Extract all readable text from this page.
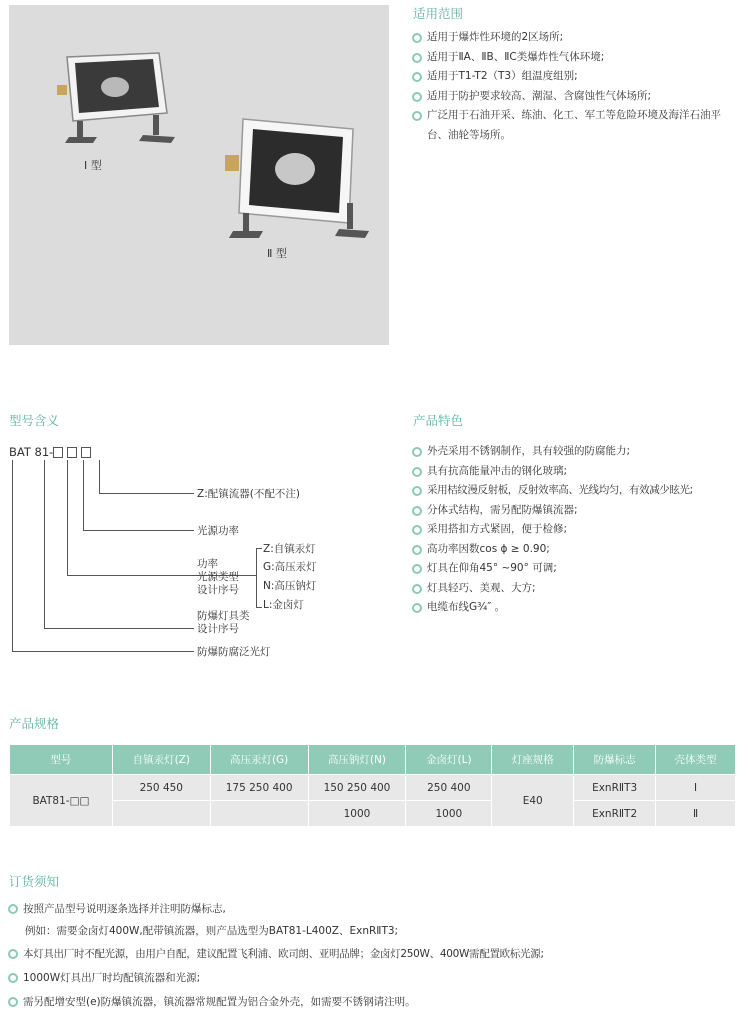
Ⅰ 型
Ⅱ 型
适用范围
适用于爆炸性环境的2区场所;
适用于ⅡA、ⅡB、ⅡC类爆炸性气体环境;
适用于T1-T2（T3）组温度组别;
适用于防护要求较高、潮湿、含腐蚀性气体场所;
广泛用于石油开采、练油、化工、军工等危险环境及海洋石油平台、油轮等场所。
型号含义
BAT 81-
Z:配镇流器(不配不注)
光源功率
功率
光源类型
设计序号
Z:自镇汞灯
G:高压汞灯
N:高压钠灯
L:金卤灯
防爆灯具类
设计序号
防爆防腐泛光灯
产品特色
外壳采用不锈钢制作，具有较强的防腐能力;
具有抗高能量冲击的钢化玻璃;
采用桔纹漫反射板，反射效率高、光线均匀，有效减少眩光;
分体式结构，需另配防爆镇流器;
采用搭扣方式紧固，便于检修;
高功率因数cos ϕ ≥ 0.90;
灯具在仰角45° ~90° 可调;
灯具轻巧、美观、大方;
电缆布线G¾″ 。
产品规格
型号	自镇汞灯(Z)	高压汞灯(G)	高压钠灯(N)	金卤灯(L)	灯座规格	防爆标志	壳体类型
BAT81-□□	250 450	175 250 400	150 250 400	250 400	E40	ExnRⅡT3	Ⅰ
			1000	1000		ExnRⅡT2	Ⅱ
订货须知
按照产品型号说明逐条选择并注明防爆标志,
例如：需要金卤灯400W,配带镇流器，则产品选型为BAT81-L400Z、ExnRⅡT3;
本灯具出厂时不配光源，由用户自配，建议配置飞利浦、欧司朗、亚明品牌；金卤灯250W、400W需配置欧标光源;
1000W灯具出厂时均配镇流器和光源;
需另配增安型(e)防爆镇流器，镇流器常规配置为铝合金外壳，如需要不锈钢请注明。
